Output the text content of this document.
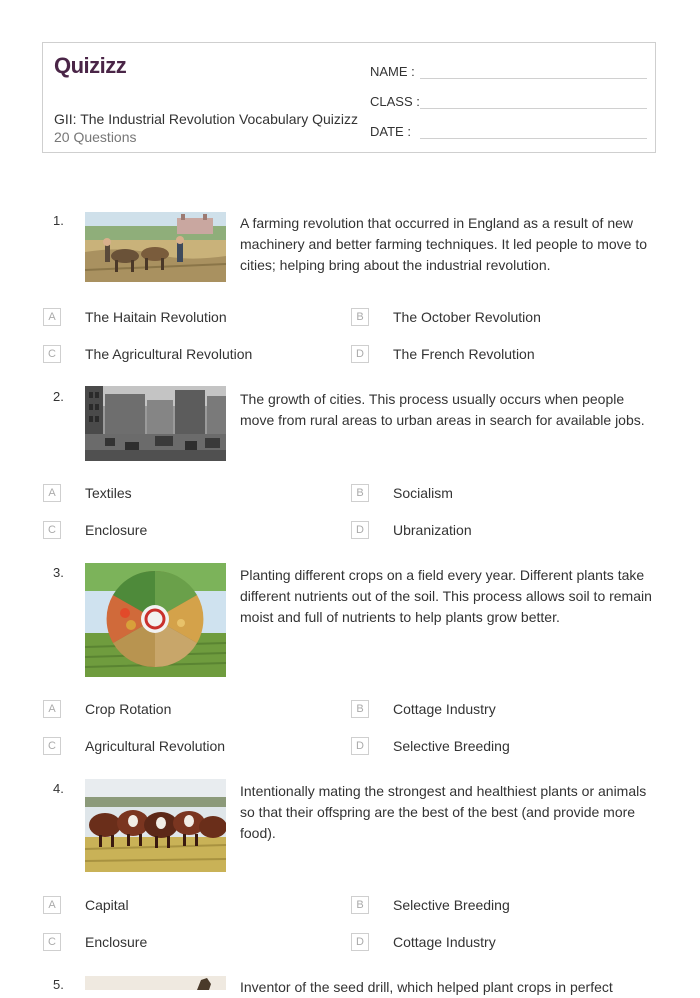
Quizizz
GII: The Industrial Revolution Vocabulary Quizizz
20 Questions
NAME :
CLASS :
DATE :
1.	A farming revolution that occurred in England as a result of new machinery and better farming techniques. It led people to move to cities; helping bring about the industrial revolution.
A	The Haitain Revolution	B	The October Revolution
C	The Agricultural Revolution	D	The French Revolution
2.	The growth of cities. This process usually occurs when people move from rural areas to urban areas in search for available jobs.
A	Textiles	B	Socialism
C	Enclosure	D	Ubranization
3.	Planting different crops on a field every year. Different plants take different nutrients out of the soil. This process allows soil to remain moist and full of nutrients to help plants grow better.
A	Crop Rotation	B	Cottage Industry
C	Agricultural Revolution	D	Selective Breeding
4.	Intentionally mating the strongest and healthiest plants or animals so that their offspring are the best of the best (and provide more food).
A	Capital	B	Selective Breeding
C	Enclosure	D	Cottage Industry
5.	Inventor of the seed drill, which helped plant crops in perfect
